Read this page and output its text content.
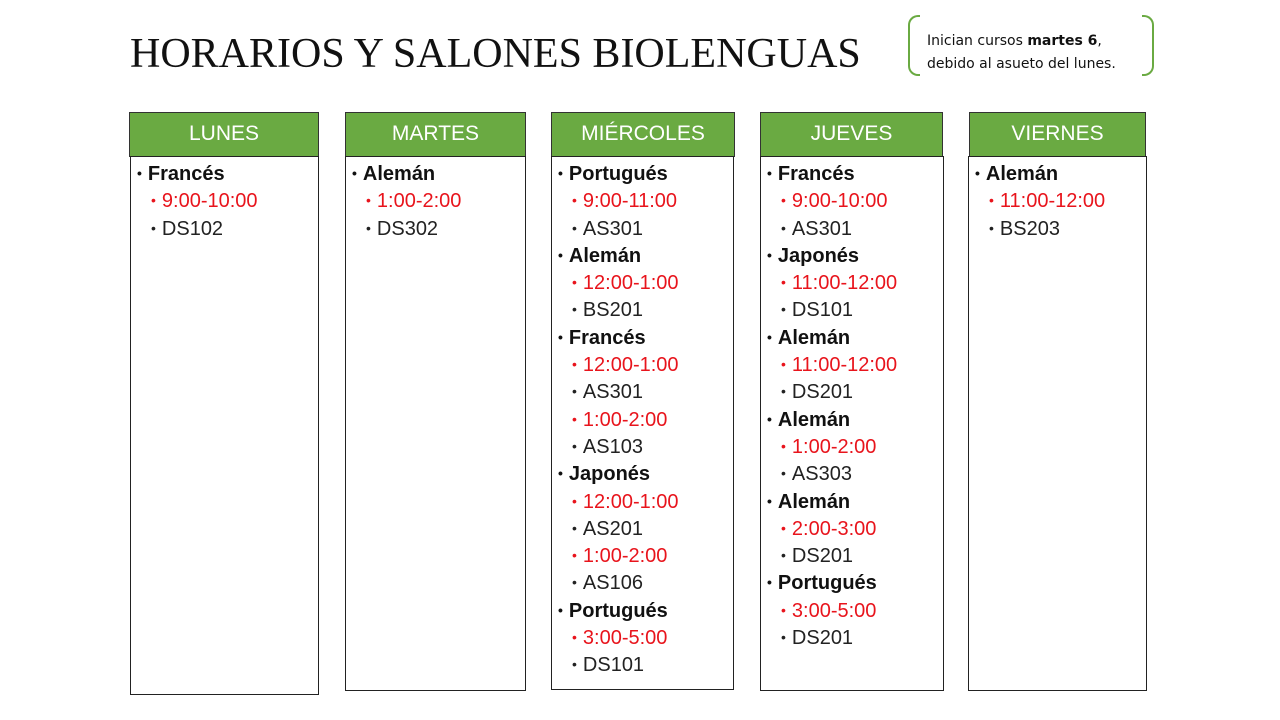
HORARIOS Y SALONES BIOLENGUAS	Inician cursos martes 6,
debido al asueto del lunes.
LUNES
• Francés
• 9:00-10:00
• DS102
MARTES
• Alemán
• 1:00-2:00
• DS302
MIÉRCOLES
• Portugués
• 9:00-11:00
• AS301
• Alemán
• 12:00-1:00
• BS201
• Francés
• 12:00-1:00
• AS301
• 1:00-2:00
• AS103
• Japonés
• 12:00-1:00
• AS201
• 1:00-2:00
• AS106
• Portugués
• 3:00-5:00
• DS101
JUEVES
• Francés
• 9:00-10:00
• AS301
• Japonés
• 11:00-12:00
• DS101
• Alemán
• 11:00-12:00
• DS201
• Alemán
• 1:00-2:00
• AS303
• Alemán
• 2:00-3:00
• DS201
• Portugués
• 3:00-5:00
• DS201
VIERNES
• Alemán
• 11:00-12:00
• BS203
